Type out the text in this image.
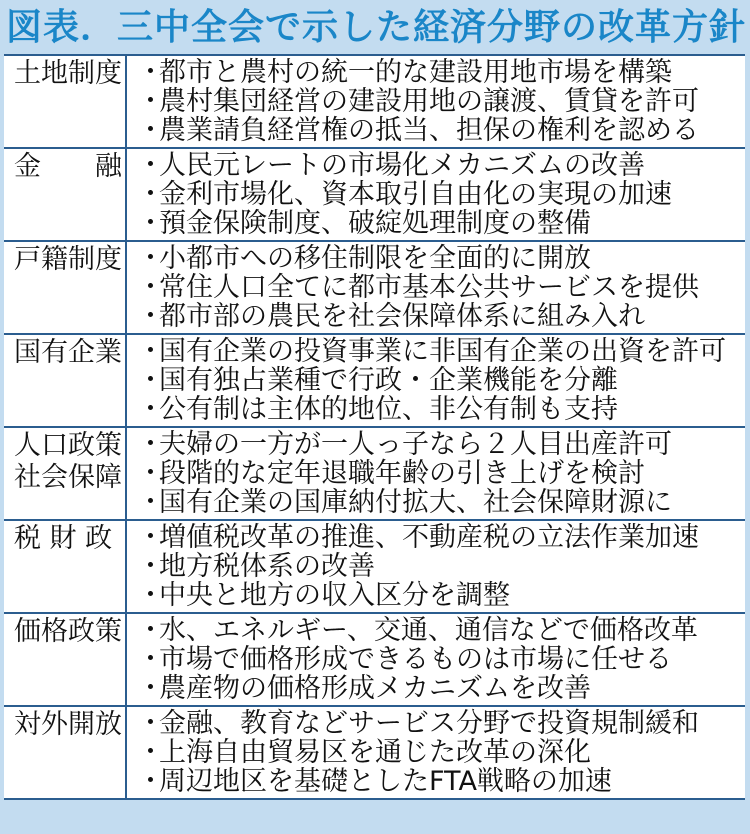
図表．三中全会で示した経済分野の改革方針
土地制度 ・都市と農村の統一的な建設用地市場を構築
・農村集団経営の建設用地の譲渡、賃貸を許可
・農業請負経営権の抵当、担保の権利を認める
金　　融 ・人民元レートの市場化メカニズムの改善
・金利市場化、資本取引自由化の実現の加速
・預金保険制度、破綻処理制度の整備
戸籍制度 ・小都市への移住制限を全面的に開放
・常住人口全てに都市基本公共サービスを提供
・都市部の農民を社会保障体系に組み入れ
国有企業 ・国有企業の投資事業に非国有企業の出資を許可
・国有独占業種で行政・企業機能を分離
・公有制は主体的地位、非公有制も支持
人口政策
社会保障
・夫婦の一方が一人っ子なら２人目出産許可
・段階的な定年退職年齢の引き上げを検討
・国有企業の国庫納付拡大、社会保障財源に
税 財 政 ・増値税改革の推進、不動産税の立法作業加速
・地方税体系の改善
・中央と地方の収入区分を調整
価格政策 ・水、エネルギー、交通、通信などで価格改革
・市場で価格形成できるものは市場に任せる
・農産物の価格形成メカニズムを改善
対外開放 ・金融、教育などサービス分野で投資規制緩和
・上海自由貿易区を通じた改革の深化
・周辺地区を基礎としたFTA戦略の加速
